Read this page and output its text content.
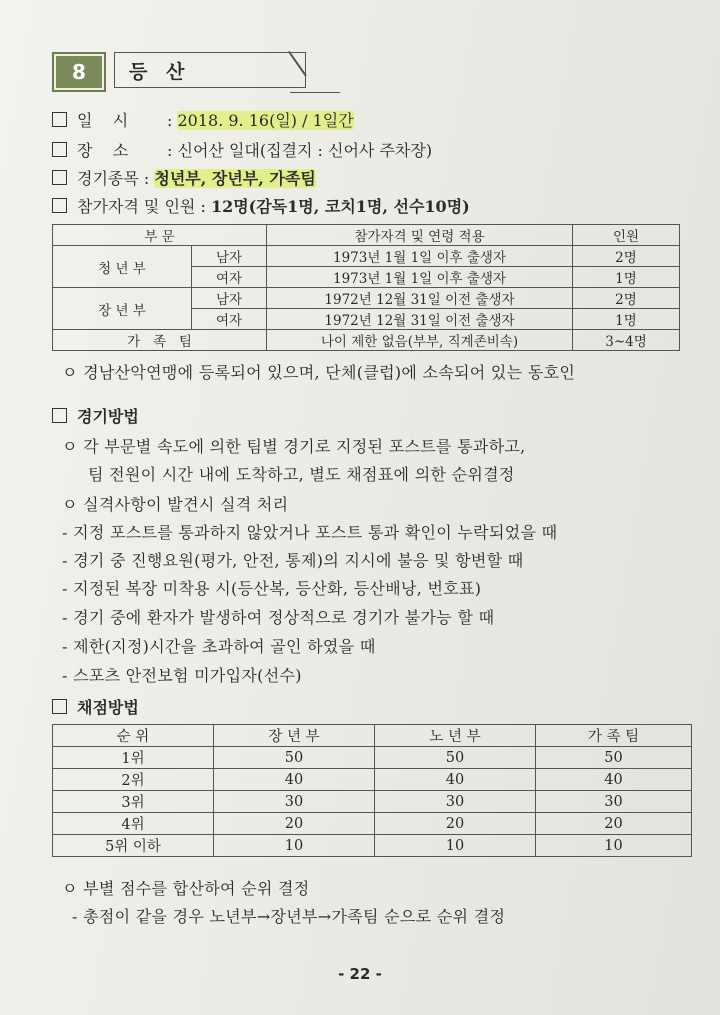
8	등 산
일    시 : 2018. 9. 16(일) / 1일간
장    소 : 신어산 일대(집결지 : 신어사 주차장)
경기종목 : 청년부, 장년부, 가족팀
참가자격 및 인원 : 12명(감독1명, 코치1명, 선수10명)
부 문		참가자격 및 연령 적용	인원
청 년 부	남자	1973년 1월 1일 이후 출생자	2명
	여자	1973년 1월 1일 이후 출생자	1명
장 년 부	남자	1972년 12월 31일 이전 출생자	2명
	여자	1972년 12월 31일 이전 출생자	1명
가   족   팀		나이 제한 없음(부부, 직계존비속)	3~4명
ㅇ 경남산악연맹에 등록되어 있으며, 단체(클럽)에 소속되어 있는 동호인
경기방법
ㅇ 각 부문별 속도에 의한 팀별 경기로 지정된 포스트를 통과하고,
팀 전원이 시간 내에 도착하고, 별도 채점표에 의한 순위결정
ㅇ 실격사항이 발견시 실격 처리
- 지정 포스트를 통과하지 않았거나 포스트 통과 확인이 누락되었을 때
- 경기 중 진행요원(평가, 안전, 통제)의 지시에 불응 및 항변할 때
- 지정된 복장 미착용 시(등산복, 등산화, 등산배낭, 번호표)
- 경기 중에 환자가 발생하여 정상적으로 경기가 불가능 할 때
- 제한(지정)시간을 초과하여 골인 하였을 때
- 스포츠 안전보험 미가입자(선수)
채점방법
순 위	장 년 부	노 년 부	가 족 팀
1위	50	50	50
2위	40	40	40
3위	30	30	30
4위	20	20	20
5위 이하	10	10	10
ㅇ 부별 점수를 합산하여 순위 결정
- 총점이 같을 경우 노년부→장년부→가족팀 순으로 순위 결정
- 22 -
